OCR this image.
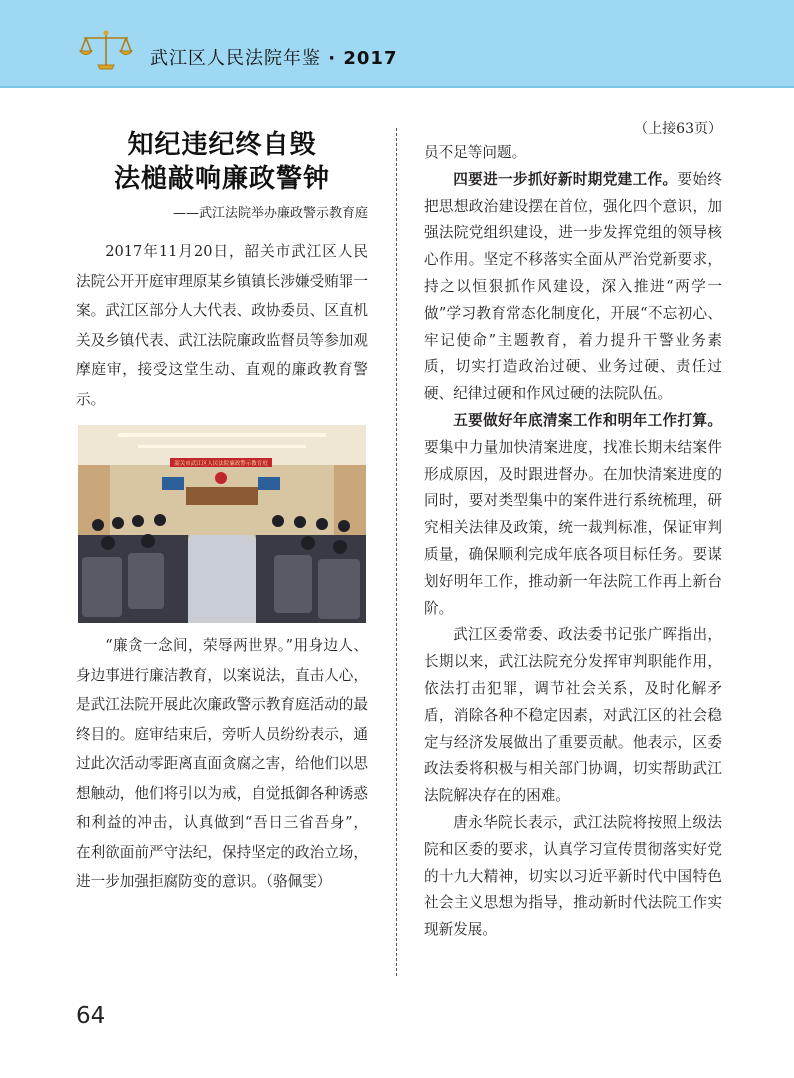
武江区人民法院年鉴 · 2017
知纪违纪终自毁
法槌敲响廉政警钟
——武江法院举办廉政警示教育庭

2017年11月20日，韶关市武江区人民法院公开开庭审理原某乡镇镇长涉嫌受贿罪一案。武江区部分人大代表、政协委员、区直机关及乡镇代表、武江法院廉政监督员等参加观摩庭审，接受这堂生动、直观的廉政教育警示。

韶关市武江区人民法院廉政警示教育庭

“廉贪一念间，荣辱两世界。”用身边人、身边事进行廉洁教育，以案说法，直击人心，是武江法院开展此次廉政警示教育庭活动的最终目的。庭审结束后，旁听人员纷纷表示，通过此次活动零距离直面贪腐之害，给他们以思想触动，他们将引以为戒，自觉抵御各种诱惑和利益的冲击，认真做到“吾日三省吾身”，在利欲面前严守法纪，保持坚定的政治立场，进一步加强拒腐防变的意识。（骆佩雯）

（上接63页）

员不足等问题。

四要进一步抓好新时期党建工作。要始终把思想政治建设摆在首位，强化四个意识，加强法院党组织建设，进一步发挥党组的领导核心作用。坚定不移落实全面从严治党新要求，持之以恒狠抓作风建设，深入推进“两学一做”学习教育常态化制度化，开展“不忘初心、牢记使命”主题教育，着力提升干警业务素质，切实打造政治过硬、业务过硬、责任过硬、纪律过硬和作风过硬的法院队伍。

五要做好年底清案工作和明年工作打算。要集中力量加快清案进度，找准长期未结案件形成原因，及时跟进督办。在加快清案进度的同时，要对类型集中的案件进行系统梳理，研究相关法律及政策，统一裁判标准，保证审判质量，确保顺利完成年底各项目标任务。要谋划好明年工作，推动新一年法院工作再上新台阶。

武江区委常委、政法委书记张广晖指出，长期以来，武江法院充分发挥审判职能作用，依法打击犯罪，调节社会关系，及时化解矛盾，消除各种不稳定因素，对武江区的社会稳定与经济发展做出了重要贡献。他表示，区委政法委将积极与相关部门协调，切实帮助武江法院解决存在的困难。

唐永华院长表示，武江法院将按照上级法院和区委的要求，认真学习宣传贯彻落实好党的十九大精神，切实以习近平新时代中国特色社会主义思想为指导，推动新时代法院工作实现新发展。

64
